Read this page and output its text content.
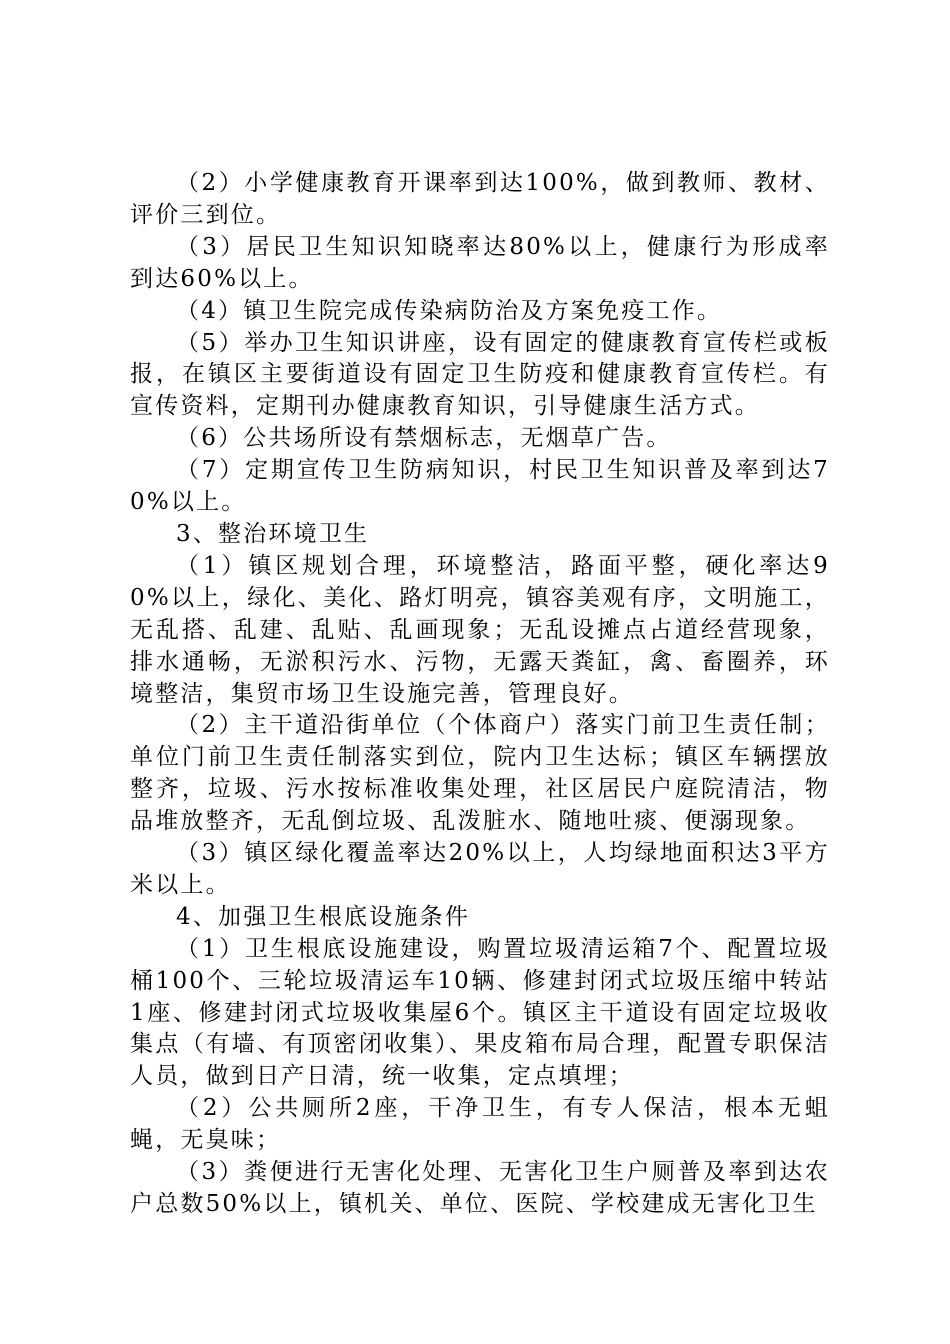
（2）小学健康教育开课率到达100%，做到教师、教材、评价三到位。

（3）居民卫生知识知晓率达80%以上，健康行为形成率到达60%以上。

（4）镇卫生院完成传染病防治及方案免疫工作。

（5）举办卫生知识讲座，设有固定的健康教育宣传栏或板报，在镇区主要街道设有固定卫生防疫和健康教育宣传栏。有宣传资料，定期刊办健康教育知识，引导健康生活方式。

（6）公共场所设有禁烟标志，无烟草广告。

（7）定期宣传卫生防病知识，村民卫生知识普及率到达70%以上。

3、整治环境卫生

（1）镇区规划合理，环境整洁，路面平整，硬化率达90%以上，绿化、美化、路灯明亮，镇容美观有序，文明施工，无乱搭、乱建、乱贴、乱画现象；无乱设摊点占道经营现象，排水通畅，无淤积污水、污物，无露天粪缸，禽、畜圈养，环境整洁，集贸市场卫生设施完善，管理良好。

（2）主干道沿街单位（个体商户）落实门前卫生责任制；单位门前卫生责任制落实到位，院内卫生达标；镇区车辆摆放整齐，垃圾、污水按标准收集处理，社区居民户庭院清洁，物品堆放整齐，无乱倒垃圾、乱泼脏水、随地吐痰、便溺现象。

（3）镇区绿化覆盖率达20%以上，人均绿地面积达3平方米以上。

4、加强卫生根底设施条件

（1）卫生根底设施建设，购置垃圾清运箱7个、配置垃圾桶100个、三轮垃圾清运车10辆、修建封闭式垃圾压缩中转站1座、修建封闭式垃圾收集屋6个。镇区主干道设有固定垃圾收集点（有墙、有顶密闭收集）、果皮箱布局合理，配置专职保洁人员，做到日产日清，统一收集，定点填埋；

（2）公共厕所2座，干净卫生，有专人保洁，根本无蛆蝇，无臭味；

（3）粪便进行无害化处理、无害化卫生户厕普及率到达农户总数50%以上，镇机关、单位、医院、学校建成无害化卫生
